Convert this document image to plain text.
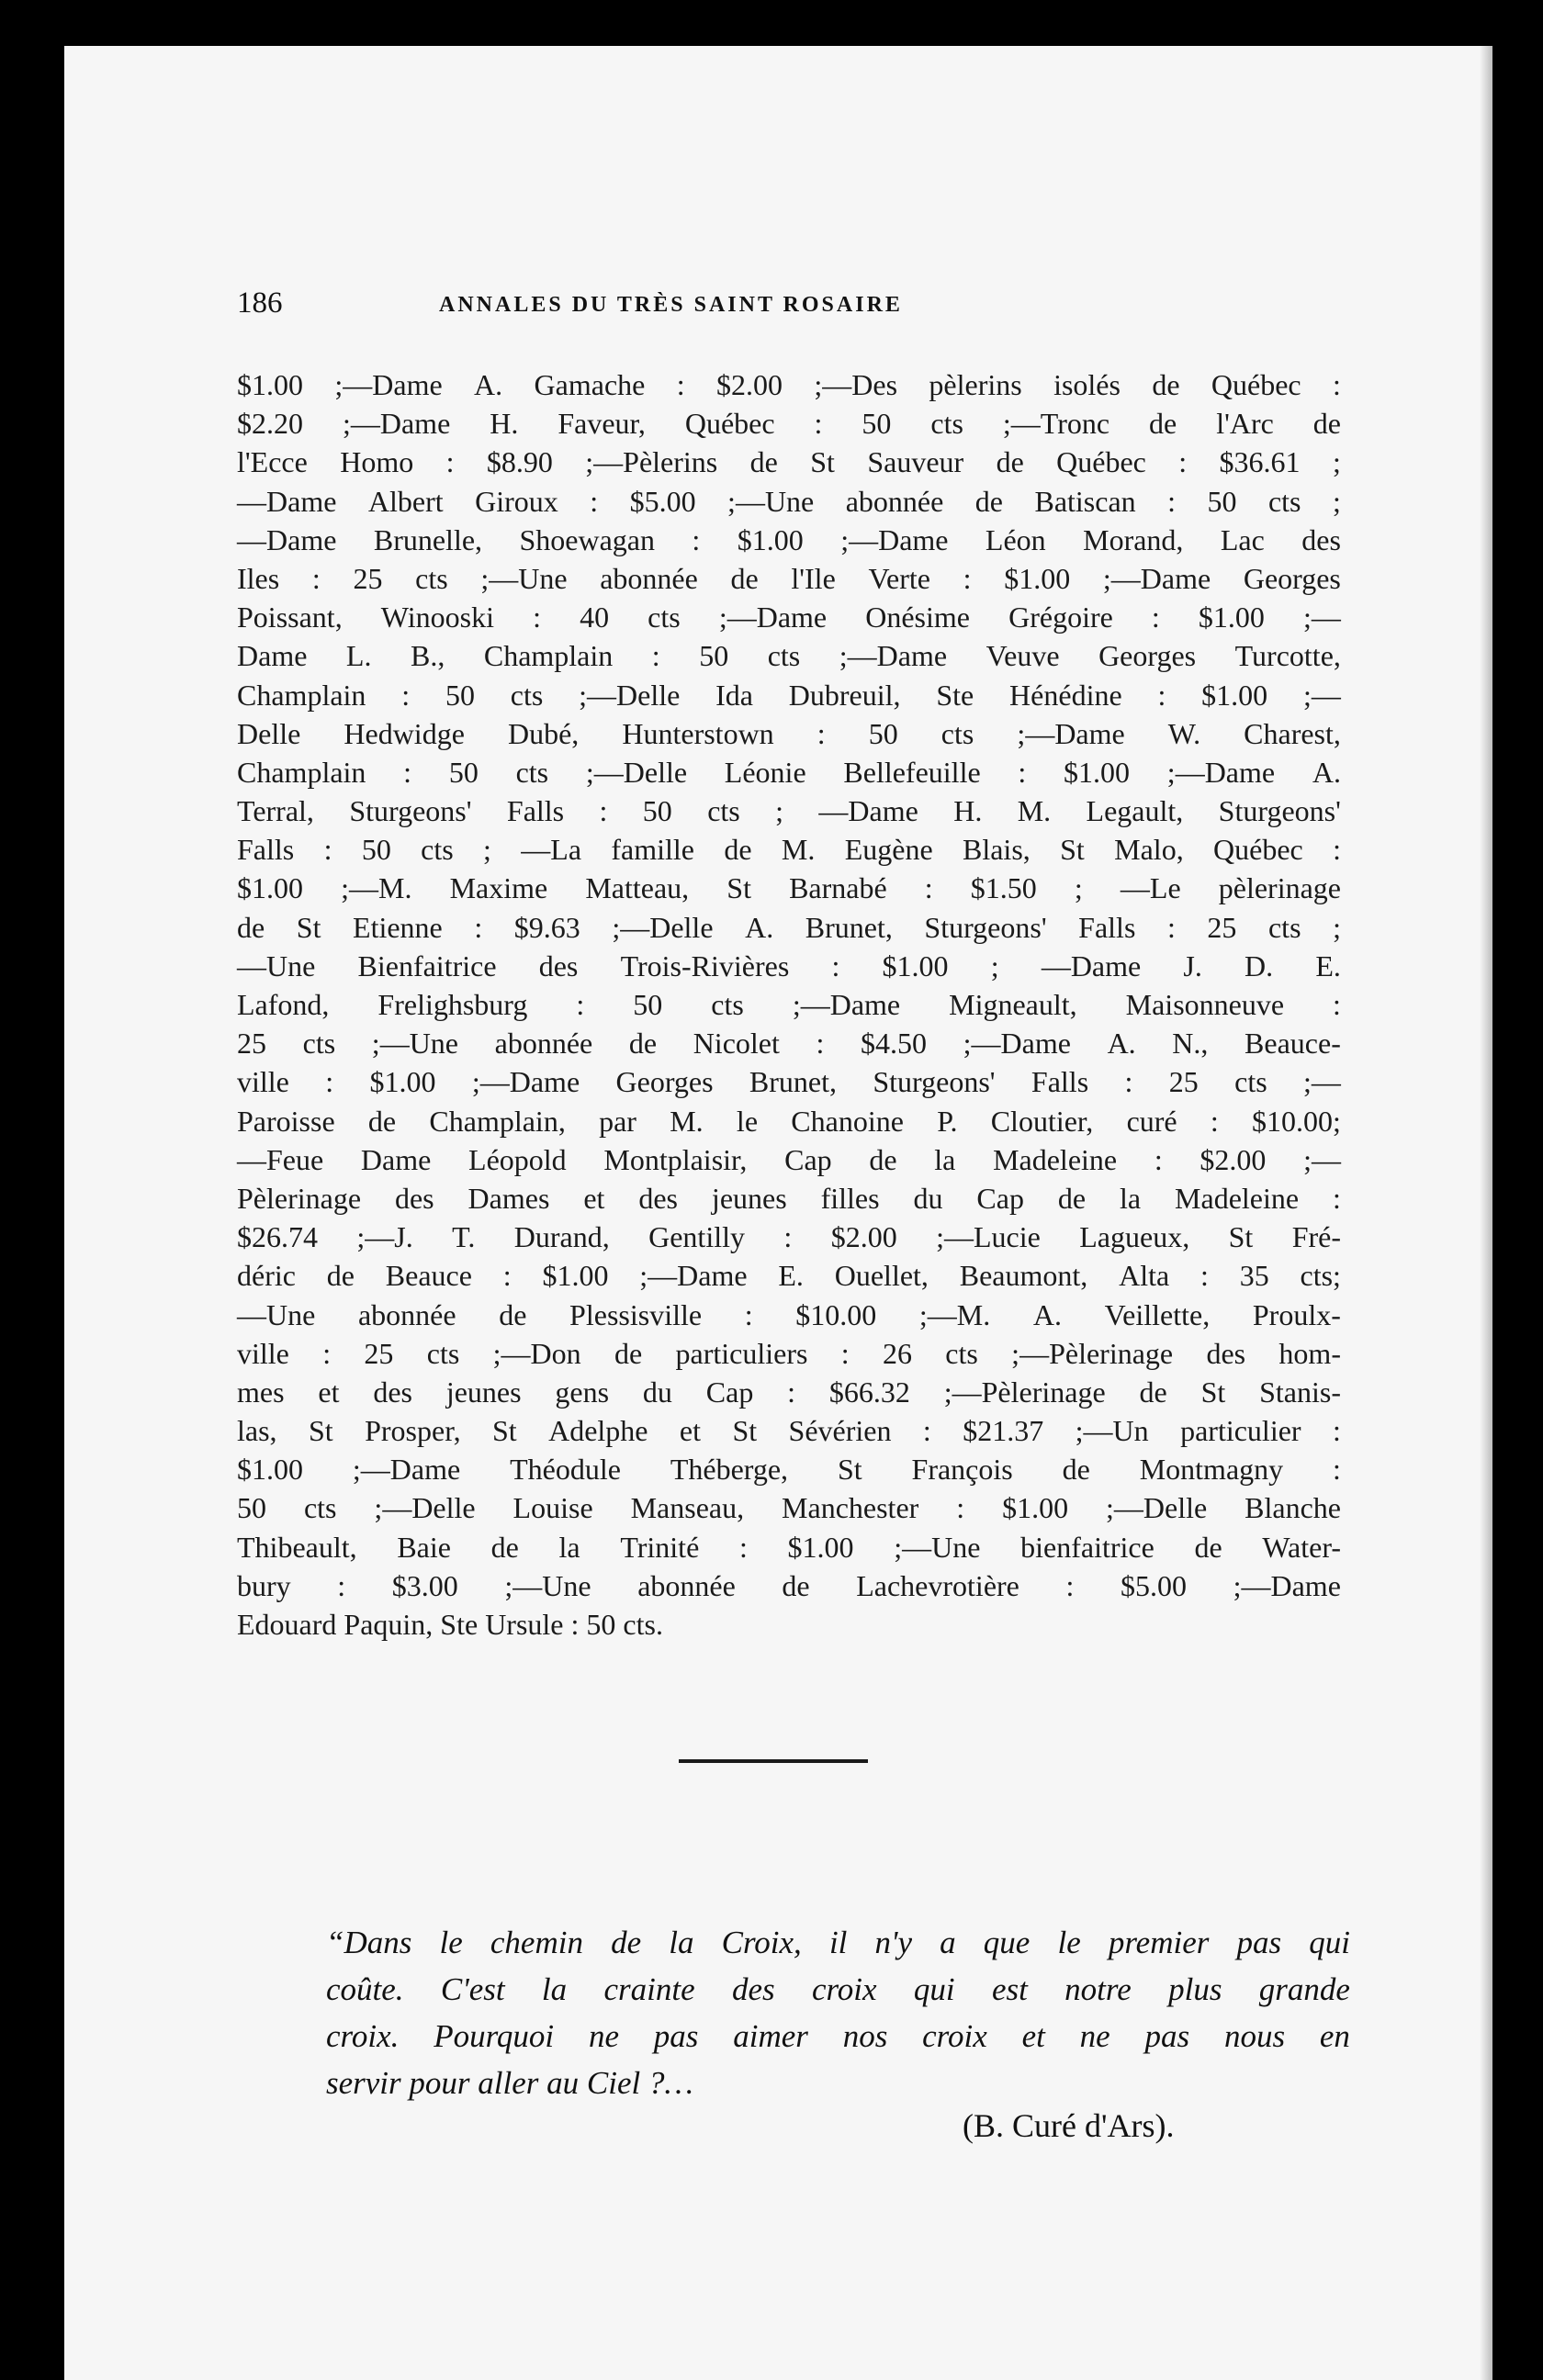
186	ANNALES DU TRÈS SAINT ROSAIRE
$1.00 ;—Dame A. Gamache : $2.00 ;—Des pèlerins isolés de Québec :
$2.20 ;—Dame H. Faveur, Québec : 50 cts ;—Tronc de l'Arc de
l'Ecce Homo : $8.90 ;—Pèlerins de St Sauveur de Québec : $36.61 ;
—Dame Albert Giroux : $5.00 ;—Une abonnée de Batiscan : 50 cts ;
—Dame Brunelle, Shoewagan : $1.00 ;—Dame Léon Morand, Lac des
Iles : 25 cts ;—Une abonnée de l'Ile Verte : $1.00 ;—Dame Georges
Poissant, Winooski : 40 cts ;—Dame Onésime Grégoire : $1.00 ;—
Dame L. B., Champlain : 50 cts ;—Dame Veuve Georges Turcotte,
Champlain : 50 cts ;—Delle Ida Dubreuil, Ste Hénédine : $1.00 ;—
Delle Hedwidge Dubé, Hunterstown : 50 cts ;—Dame W. Charest,
Champlain : 50 cts ;—Delle Léonie Bellefeuille : $1.00 ;—Dame A.
Terral, Sturgeons' Falls : 50 cts ; —Dame H. M. Legault, Sturgeons'
Falls : 50 cts ; —La famille de M. Eugène Blais, St Malo, Québec :
$1.00 ;—M. Maxime Matteau, St Barnabé : $1.50 ; —Le pèlerinage
de St Etienne : $9.63 ;—Delle A. Brunet, Sturgeons' Falls : 25 cts ;
—Une Bienfaitrice des Trois-Rivières : $1.00 ; —Dame J. D. E.
Lafond, Frelighsburg : 50 cts ;—Dame Migneault, Maisonneuve :
25 cts ;—Une abonnée de Nicolet : $4.50 ;—Dame A. N., Beauce-
ville : $1.00 ;—Dame Georges Brunet, Sturgeons' Falls : 25 cts ;—
Paroisse de Champlain, par M. le Chanoine P. Cloutier, curé : $10.00;
—Feue Dame Léopold Montplaisir, Cap de la Madeleine : $2.00 ;—
Pèlerinage des Dames et des jeunes filles du Cap de la Madeleine :
$26.74 ;—J. T. Durand, Gentilly : $2.00 ;—Lucie Lagueux, St Fré-
déric de Beauce : $1.00 ;—Dame E. Ouellet, Beaumont, Alta : 35 cts;
—Une abonnée de Plessisville : $10.00 ;—M. A. Veillette, Proulx-
ville : 25 cts ;—Don de particuliers : 26 cts ;—Pèlerinage des hom-
mes et des jeunes gens du Cap : $66.32 ;—Pèlerinage de St Stanis-
las, St Prosper, St Adelphe et St Sévérien : $21.37 ;—Un particulier :
$1.00 ;—Dame Théodule Théberge, St François de Montmagny :
50 cts ;—Delle Louise Manseau, Manchester : $1.00 ;—Delle Blanche
Thibeault, Baie de la Trinité : $1.00 ;—Une bienfaitrice de Water-
bury : $3.00 ;—Une abonnée de Lachevrotière : $5.00 ;—Dame
Edouard Paquin, Ste Ursule : 50 cts.
“Dans le chemin de la Croix, il n'y a que le premier pas qui
coûte. C'est la crainte des croix qui est notre plus grande
croix. Pourquoi ne pas aimer nos croix et ne pas nous en
servir pour aller au Ciel ?…
(B. Curé d'Ars).
